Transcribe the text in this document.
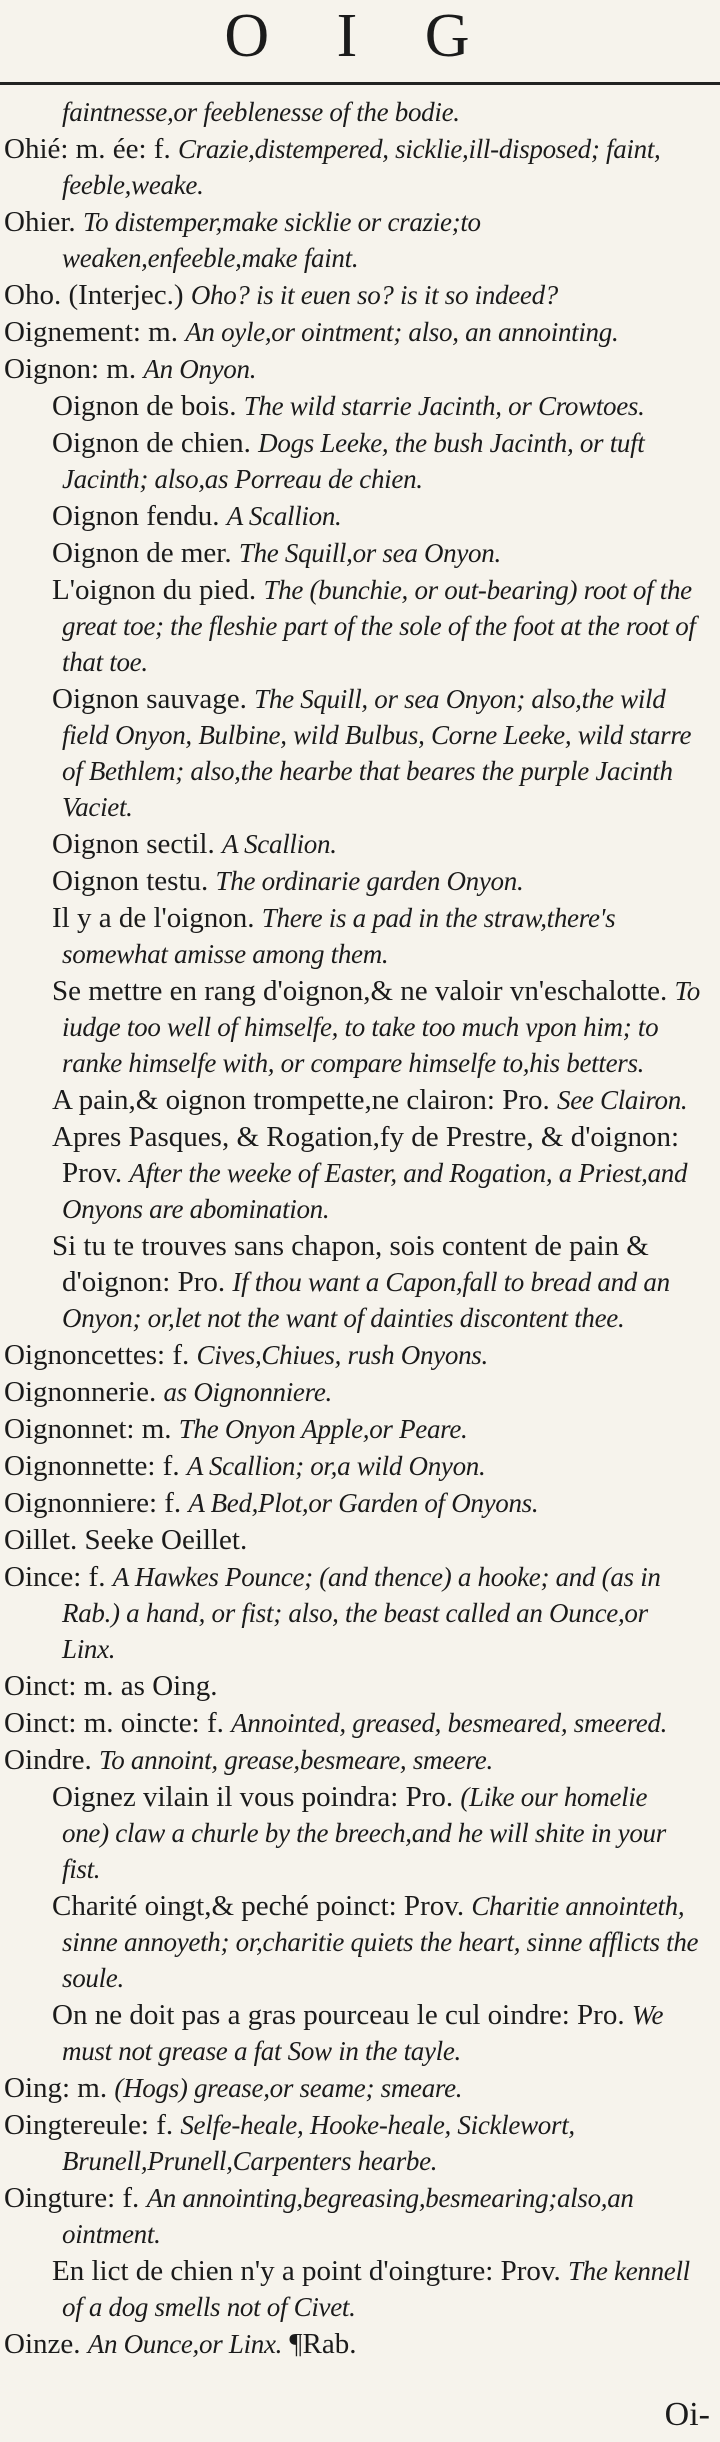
O I G
faintnesse,or feeblenesse of the bodie.
Ohié: m. ée: f. Crazie,distempered, sicklie,ill-disposed; faint, feeble,weake.
Ohier. To distemper,make sicklie or crazie;to weaken,enfeeble,make faint.
Oho. (Interjec.) Oho? is it euen so? is it so indeed?
Oignement: m. An oyle,or ointment; also, an annointing.
Oignon: m. An Onyon.
Oignon de bois. The wild starrie Jacinth, or Crowtoes.
Oignon de chien. Dogs Leeke, the bush Jacinth, or tuft Jacinth; also,as Porreau de chien.
Oignon fendu. A Scallion.
Oignon de mer. The Squill,or sea Onyon.
L'oignon du pied. The (bunchie, or out-bearing) root of the great toe; the fleshie part of the sole of the foot at the root of that toe.
Oignon sauvage. The Squill, or sea Onyon; also,the wild field Onyon, Bulbine, wild Bulbus, Corne Leeke, wild starre of Bethlem; also,the hearbe that beares the purple Jacinth Vaciet.
Oignon sectil. A Scallion.
Oignon testu. The ordinarie garden Onyon.
Il y a de l'oignon. There is a pad in the straw,there's somewhat amisse among them.
Se mettre en rang d'oignon,& ne valoir vn'eschalotte. To iudge too well of himselfe, to take too much vpon him; to ranke himselfe with, or compare himselfe to,his betters.
A pain,& oignon trompette,ne clairon: Pro. See Clairon.
Apres Pasques, & Rogation,fy de Prestre, & d'oignon: Prov. After the weeke of Easter, and Rogation, a Priest,and Onyons are abomination.
Si tu te trouves sans chapon, sois content de pain & d'oignon: Pro. If thou want a Capon,fall to bread and an Onyon; or,let not the want of dainties discontent thee.
Oignoncettes: f. Cives,Chiues, rush Onyons.
Oignonnerie. as Oignonniere.
Oignonnet: m. The Onyon Apple,or Peare.
Oignonnette: f. A Scallion; or,a wild Onyon.
Oignonniere: f. A Bed,Plot,or Garden of Onyons.
Oillet. Seeke Oeillet.
Oince: f. A Hawkes Pounce; (and thence) a hooke; and (as in Rab.) a hand, or fist; also, the beast called an Ounce,or Linx.
Oinct: m. as Oing.
Oinct: m. oincte: f. Annointed, greased, besmeared, smeered.
Oindre. To annoint, grease,besmeare, smeere.
Oignez vilain il vous poindra: Pro. (Like our homelie one) claw a churle by the breech,and he will shite in your fist.
Charité oingt,& peché poinct: Prov. Charitie annointeth, sinne annoyeth; or,charitie quiets the heart, sinne afflicts the soule.
On ne doit pas a gras pourceau le cul oindre: Pro. We must not grease a fat Sow in the tayle.
Oing: m. (Hogs) grease,or seame; smeare.
Oingtereule: f. Selfe-heale, Hooke-heale, Sicklewort, Brunell,Prunell,Carpenters hearbe.
Oingture: f. An annointing,begreasing,besmearing;also,an ointment.
En lict de chien n'y a point d'oingture: Prov. The kennell of a dog smells not of Civet.
Oinze. An Ounce,or Linx. ¶Rab.
Oi-
